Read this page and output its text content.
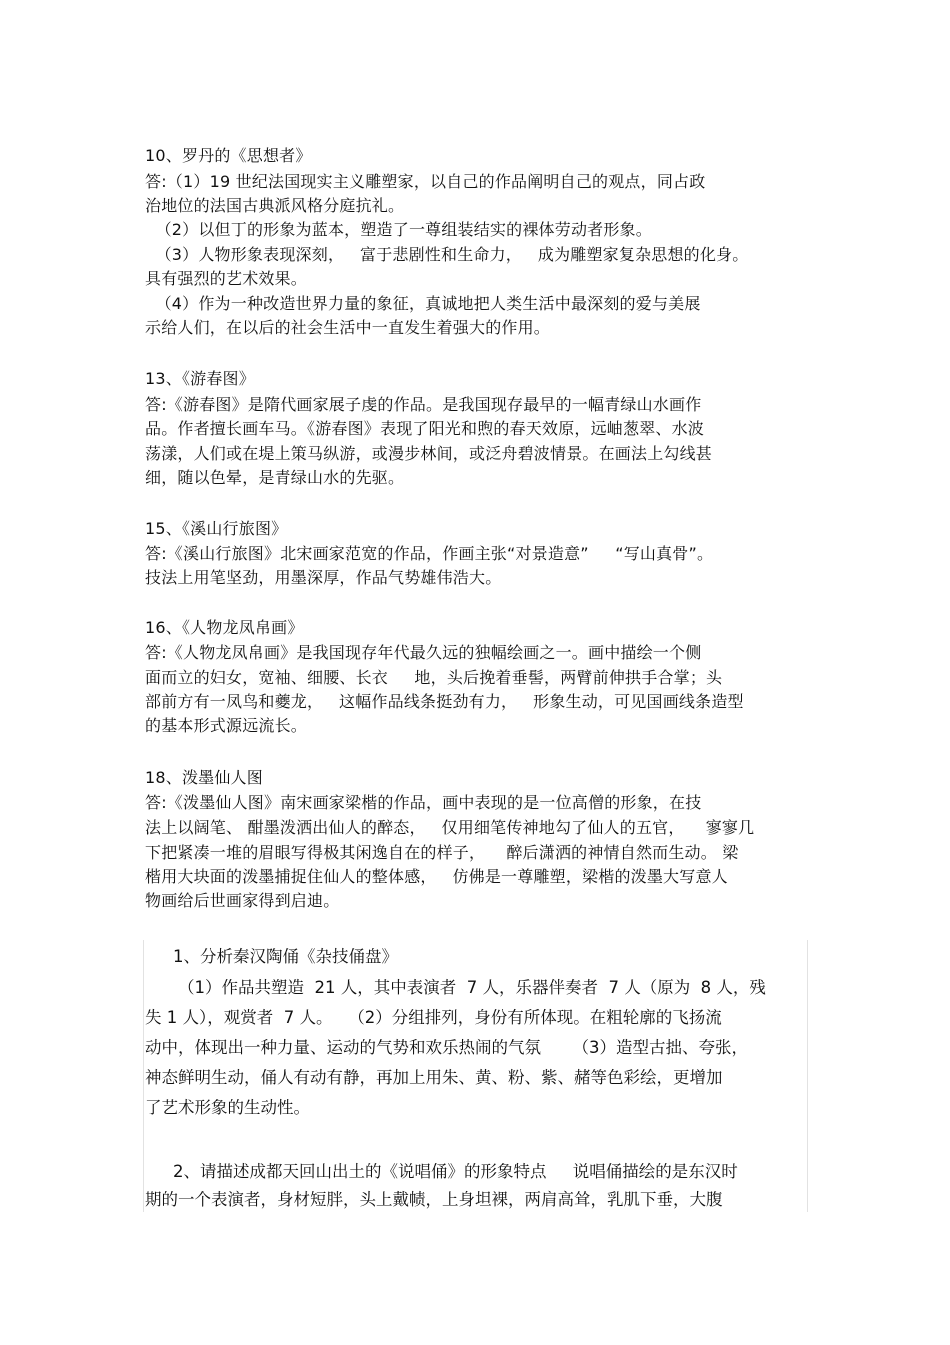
10、罗丹的《思想者》
答:（1）19 世纪法国现实主义雕塑家，以自己的作品阐明自己的观点，同占政
治地位的法国古典派风格分庭抗礼。
（2）以但丁的形象为蓝本，塑造了一尊组装结实的裸体劳动者形象。
（3）人物形象表现深刻，   富于悲剧性和生命力，   成为雕塑家复杂思想的化身。
具有强烈的艺术效果。
（4）作为一种改造世界力量的象征，真诚地把人类生活中最深刻的爱与美展
示给人们，在以后的社会生活中一直发生着强大的作用。
13、《游春图》
答:《游春图》是隋代画家展子虔的作品。是我国现存最早的一幅青绿山水画作
品。作者擅长画车马。《游春图》表现了阳光和煦的春天效原，远岫葱翠、水波
荡漾，人们或在堤上策马纵游，或漫步林间，或泛舟碧波情景。在画法上勾线甚
细，随以色晕，是青绿山水的先驱。
15、《溪山行旅图》
答:《溪山行旅图》北宋画家范宽的作品，作画主张“对景造意”     “写山真骨”。
技法上用笔坚劲，用墨深厚，作品气势雄伟浩大。
16、《人物龙凤帛画》
答:《人物龙凤帛画》是我国现存年代最久远的独幅绘画之一。画中描绘一个侧
面而立的妇女，宽袖、细腰、长衣     地，头后挽着垂髻，两臂前伸拱手合掌；头
部前方有一凤鸟和夔龙，   这幅作品线条挺劲有力，   形象生动，可见国画线条造型
的基本形式源远流长。
18、泼墨仙人图
答:《泼墨仙人图》南宋画家梁楷的作品，画中表现的是一位高僧的形象，在技
法上以阔笔、 酣墨泼洒出仙人的醉态，   仅用细笔传神地勾了仙人的五官，    寥寥几
下把紧凑一堆的眉眼写得极其闲逸自在的样子，    醉后潇洒的神情自然而生动。 梁
楷用大块面的泼墨捕捉住仙人的整体感，   仿佛是一尊雕塑，梁楷的泼墨大写意人
物画给后世画家得到启迪。
1、分析秦汉陶俑《杂技俑盘》
（1）作品共塑造  21 人，其中表演者  7 人，乐器伴奏者  7 人（原为  8 人，残
失 1 人），观赏者  7 人。   （2）分组排列，身份有所体现。在粗轮廓的飞扬流
动中，体现出一种力量、运动的气势和欢乐热闹的气氛      （3）造型古拙、夸张，
神态鲜明生动，俑人有动有静，再加上用朱、黄、粉、紫、赭等色彩绘，更增加
了艺术形象的生动性。
2、请描述成都天回山出土的《说唱俑》的形象特点     说唱俑描绘的是东汉时
期的一个表演者，身材短胖，头上戴帻，上身坦裸，两肩高耸，乳肌下垂，大腹
